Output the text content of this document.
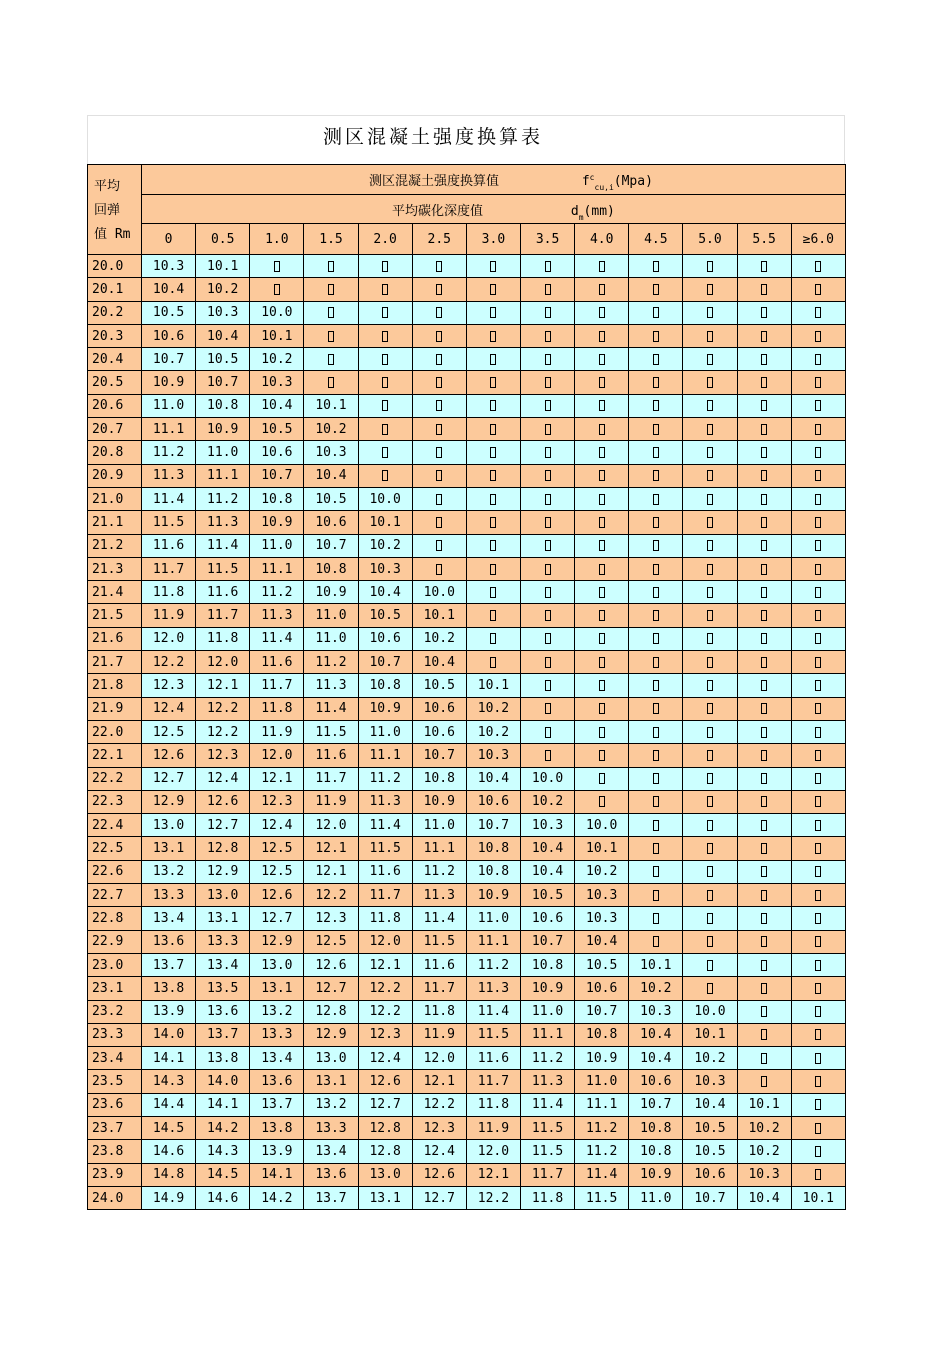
测区混凝土强度换算表
平均
回弹
值 Rm	测区混凝土强度换算值 $f^c_{cu,i}(Mpa)$												
	平均碳化深度值 $d_m(mm)$												
	0	0.5	1.0	1.5	2.0	2.5	3.0	3.5	4.0	4.5	5.0	5.5	≥6.0
20.0	10.3	10.1											
20.1	10.4	10.2											
20.2	10.5	10.3	10.0										
20.3	10.6	10.4	10.1										
20.4	10.7	10.5	10.2										
20.5	10.9	10.7	10.3										
20.6	11.0	10.8	10.4	10.1									
20.7	11.1	10.9	10.5	10.2									
20.8	11.2	11.0	10.6	10.3									
20.9	11.3	11.1	10.7	10.4									
21.0	11.4	11.2	10.8	10.5	10.0								
21.1	11.5	11.3	10.9	10.6	10.1								
21.2	11.6	11.4	11.0	10.7	10.2								
21.3	11.7	11.5	11.1	10.8	10.3								
21.4	11.8	11.6	11.2	10.9	10.4	10.0							
21.5	11.9	11.7	11.3	11.0	10.5	10.1							
21.6	12.0	11.8	11.4	11.0	10.6	10.2							
21.7	12.2	12.0	11.6	11.2	10.7	10.4							
21.8	12.3	12.1	11.7	11.3	10.8	10.5	10.1						
21.9	12.4	12.2	11.8	11.4	10.9	10.6	10.2						
22.0	12.5	12.2	11.9	11.5	11.0	10.6	10.2						
22.1	12.6	12.3	12.0	11.6	11.1	10.7	10.3						
22.2	12.7	12.4	12.1	11.7	11.2	10.8	10.4	10.0					
22.3	12.9	12.6	12.3	11.9	11.3	10.9	10.6	10.2					
22.4	13.0	12.7	12.4	12.0	11.4	11.0	10.7	10.3	10.0				
22.5	13.1	12.8	12.5	12.1	11.5	11.1	10.8	10.4	10.1				
22.6	13.2	12.9	12.5	12.1	11.6	11.2	10.8	10.4	10.2				
22.7	13.3	13.0	12.6	12.2	11.7	11.3	10.9	10.5	10.3				
22.8	13.4	13.1	12.7	12.3	11.8	11.4	11.0	10.6	10.3				
22.9	13.6	13.3	12.9	12.5	12.0	11.5	11.1	10.7	10.4				
23.0	13.7	13.4	13.0	12.6	12.1	11.6	11.2	10.8	10.5	10.1			
23.1	13.8	13.5	13.1	12.7	12.2	11.7	11.3	10.9	10.6	10.2			
23.2	13.9	13.6	13.2	12.8	12.2	11.8	11.4	11.0	10.7	10.3	10.0		
23.3	14.0	13.7	13.3	12.9	12.3	11.9	11.5	11.1	10.8	10.4	10.1		
23.4	14.1	13.8	13.4	13.0	12.4	12.0	11.6	11.2	10.9	10.4	10.2		
23.5	14.3	14.0	13.6	13.1	12.6	12.1	11.7	11.3	11.0	10.6	10.3		
23.6	14.4	14.1	13.7	13.2	12.7	12.2	11.8	11.4	11.1	10.7	10.4	10.1	
23.7	14.5	14.2	13.8	13.3	12.8	12.3	11.9	11.5	11.2	10.8	10.5	10.2	
23.8	14.6	14.3	13.9	13.4	12.8	12.4	12.0	11.5	11.2	10.8	10.5	10.2	
23.9	14.8	14.5	14.1	13.6	13.0	12.6	12.1	11.7	11.4	10.9	10.6	10.3	
24.0	14.9	14.6	14.2	13.7	13.1	12.7	12.2	11.8	11.5	11.0	10.7	10.4	10.1
